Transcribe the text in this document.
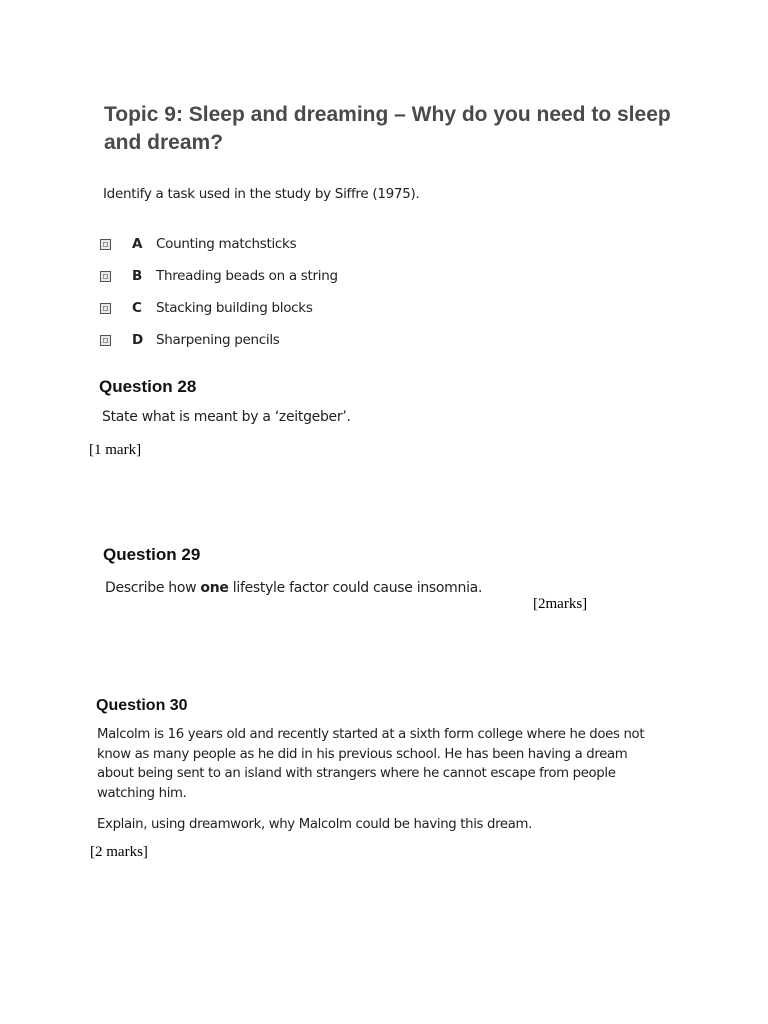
Topic 9: Sleep and dreaming – Why do you need to sleep and dream?
Identify a task used in the study by Siffre (1975).
A	Counting matchsticks
B	Threading beads on a string
C	Stacking building blocks
D Sharpening pencils
Question 28
State what is meant by a ‘zeitgeber’.
[1 mark]
Question 29
Describe how one lifestyle factor could cause insomnia.
[2marks]
Question 30
Malcolm is 16 years old and recently started at a sixth form college where he does not
know as many people as he did in his previous school. He has been having a dream
about being sent to an island with strangers where he cannot escape from people
watching him.
Explain, using dreamwork, why Malcolm could be having this dream.
[2 marks]
